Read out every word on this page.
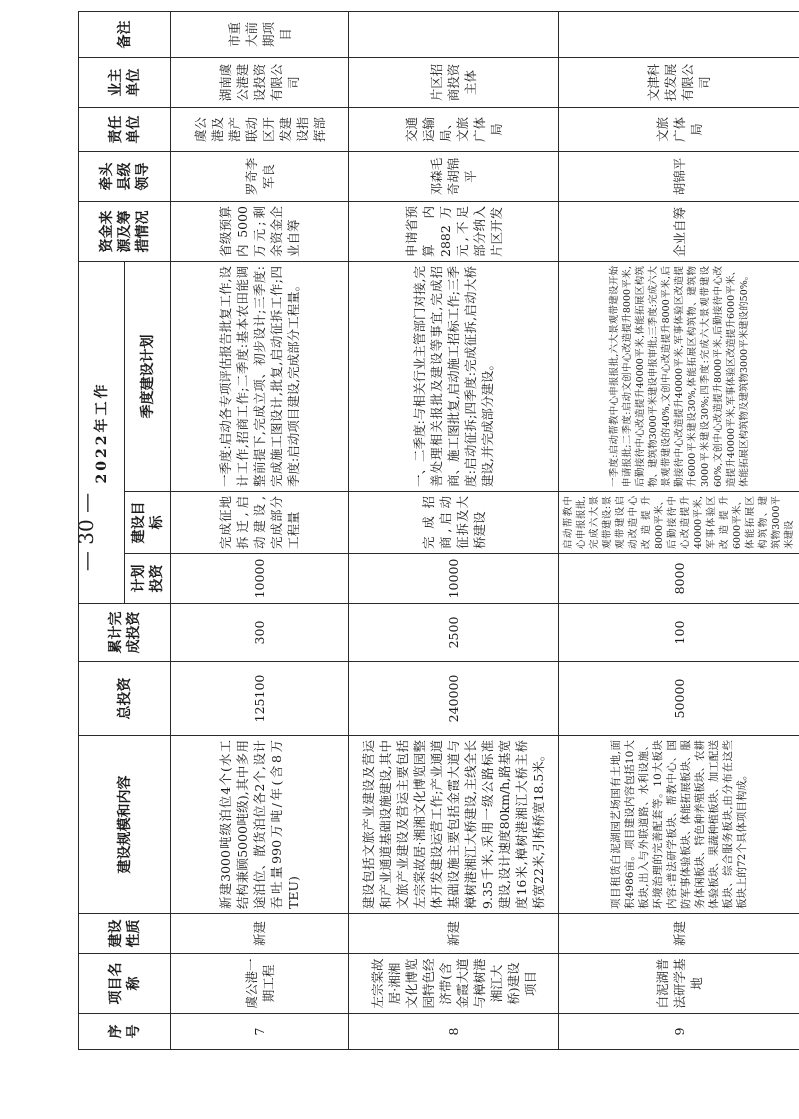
— 30 —
序号	项目名称	建设性质	建设规模和内容	总投资	累计完成投资	2022年工作			资金来源及筹措情况	牵头县级领导	责任单位	业主单位	备注
						计划投资	建设目标	季度建设计划					
7	虞公港一期工程	新建	新建3000吨级泊位4个(水工结构兼顾5000吨级),其中多用途泊位、散货泊位各2个,设计吞吐量990万吨/年(含8万TEU)	125100	300	10000	完成征地拆迁,启动建设,完成部分工程量	一季度:启动各专项评估报告批复工作,设计工作,招商工作;二季度:基本农田能调整前提下,完成立项、初步设计;三季度:完成施工图设计,批复,启动征拆工作;四季度:启动项目建设,完成部分工程量。	省级预算内5000万元;剩余资金企业自筹	罗奇李军良	虞公港及港产联动区开发建设指挥部	湖南虞公港建设投资有限公司	市重大前期项目
8	左宗棠故居·湘湘文化博览园特色经济带(含金霞大道与樟树港湘江大桥)建设项目	新建	建设包括文旅产业建设及营运和产业通道基础设施建设,其中文旅产业建设及营运主要包括左宗棠故居·湘湘文化博览园整体开发建设运营工作;产业通道基础设施主要包括金霞大道与樟树港湘江大桥建设,主线全长9.35千米,采用一级公路标准建设,设计速度80km/h,路基宽度16米,樟树港湘江大桥主桥桥宽22米,引桥桥宽18.5米。	240000	2500	10000	完成招商,启动征拆及大桥建设	一、二季度:与相关行业主管部门对接,完善处理相关报批及建设等事宜,完成招商、施工图批复,启动施工招标工作;三季度:启动征拆;四季度:完成征拆,启动大桥建设,并完成部分建设。	申请省预算内2882万元,不足部分纳入片区开发	邓森毛奇胡锦平	交通运输局、文旅广体局	片区招商投资主体	
9	白泥湖普法研学基地	新建	项目租赁白泥湖园艺场国有土地,面积4986亩。项目建设内容包括10大板块,出入与外联道路、水利设施、环境治理的完善配套等。10大板块内容:普法研学板块、帮教中心、国防军事体验板块、体能拓展板块、服务体闲板块、特色种养殖板块、农耕体验板块、果蔬种植板块、加工配送板块、综合服务板块,由分布在这些板块上的72个具体项目构成。	50000	100	8000	启动帮教中心申报报批,完成六大景观带建设:景观带建设启动改造中心改造提升8000平米、后勤接待中心改造提升40000平米,军事体验区改造提升6000平米、体能拓展区构筑物、建筑物3000平米建设	一季度:启动帮教中心申报报批,六大景观带建设开始申请报批;二季度:启动文创中心改造提升8000平米,后勤接待中心改造提升40000平米,体能拓展区构筑物、建筑物3000平米建设申报审批;三季度:完成六大景观带建设的40%,文创中心改造提升8000平米,后勤接待中心改造提升40000平米,军事体验区改造提升6000平米建设30%,体能拓展区构筑物、建筑物3000平米建设30%;四季度:完成六大景观带建设60%,文创中心改造提升8000平米,后勤接待中心改造提升40000平米,军事体验区改造提升6000平米、体能拓展区构筑物及建筑物3000平米建设的50%。	企业自筹	胡锦平	文旅广体局	文津科技发展有限公司	
